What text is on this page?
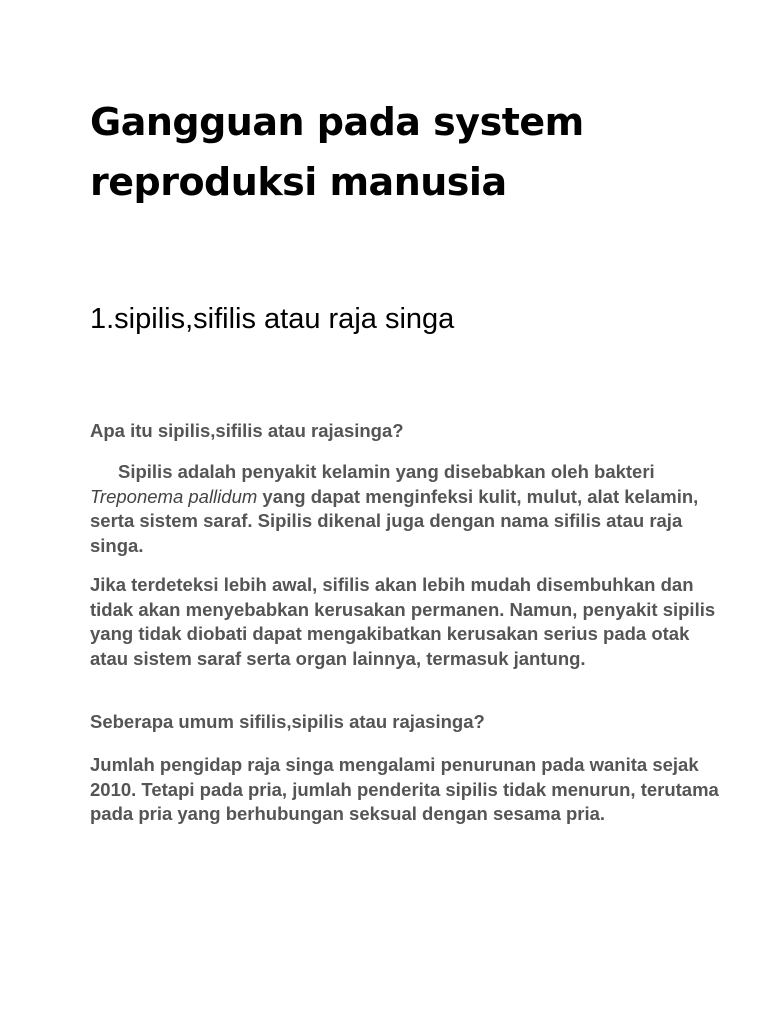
Gangguan pada system
reproduksi manusia
1.sipilis,sifilis atau raja singa

Apa itu sipilis,sifilis atau rajasinga?

Sipilis adalah penyakit kelamin yang disebabkan oleh bakteri Treponema pallidum yang dapat menginfeksi kulit, mulut, alat kelamin, serta sistem saraf. Sipilis dikenal juga dengan nama sifilis atau raja singa.

Jika terdeteksi lebih awal, sifilis akan lebih mudah disembuhkan dan tidak akan menyebabkan kerusakan permanen. Namun, penyakit sipilis yang tidak diobati dapat mengakibatkan kerusakan serius pada otak atau sistem saraf serta organ lainnya, termasuk jantung.

Seberapa umum sifilis,sipilis atau rajasinga?

Jumlah pengidap raja singa mengalami penurunan pada wanita sejak 2010. Tetapi pada pria, jumlah penderita sipilis tidak menurun, terutama pada pria yang berhubungan seksual dengan sesama pria.
